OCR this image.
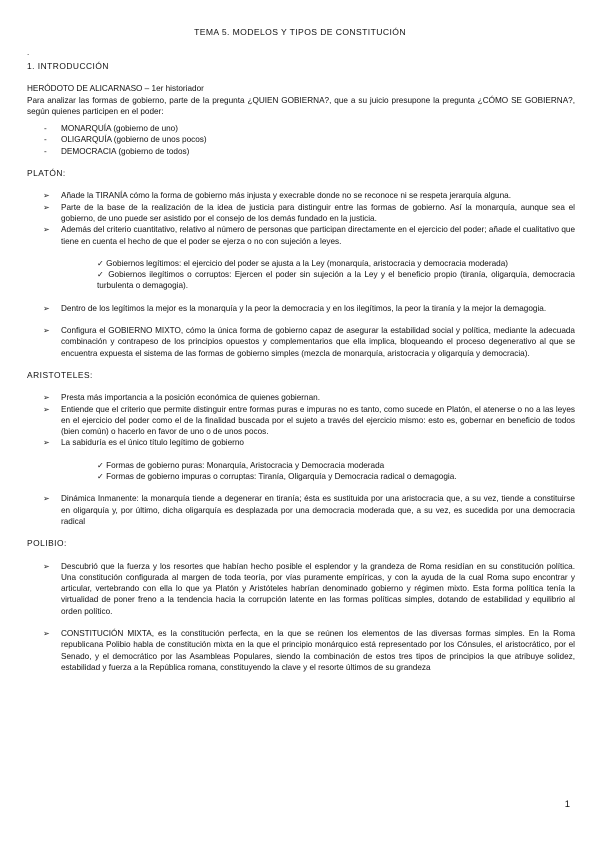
TEMA 5. MODELOS Y TIPOS DE CONSTITUCIÓN
.
1. INTRODUCCIÓN
HERÓDOTO DE ALICARNASO – 1er historiador
Para analizar las formas de gobierno, parte de la pregunta ¿QUIEN GOBIERNA?, que a su juicio presupone la pregunta ¿CÓMO SE GOBIERNA?, según quienes participen en el poder:
- MONARQUÍA (gobierno de uno)
- OLIGARQUÍA (gobierno de unos pocos)
- DEMOCRACIA (gobierno de todos)
PLATÓN:
➢ Añade la TIRANÍA cómo la forma de gobierno más injusta y execrable donde no se reconoce ni se respeta jerarquía alguna.
➢ Parte de la base de la realización de la idea de justicia para distinguir entre las formas de gobierno. Así la monarquía, aunque sea el gobierno, de uno puede ser asistido por el consejo de los demás fundado en la justicia.
➢ Además del criterio cuantitativo, relativo al número de personas que participan directamente en el ejercicio del poder; añade el cualitativo que tiene en cuenta el hecho de que el poder se ejerza o no con sujeción a leyes.
✓ Gobiernos legítimos: el ejercicio del poder se ajusta a la Ley (monarquía, aristocracia y democracia moderada)
✓ Gobiernos ilegítimos o corruptos: Ejercen el poder sin sujeción a la Ley y el beneficio propio (tiranía, oligarquía, democracia turbulenta o demagogia).
➢ Dentro de los legítimos la mejor es la monarquía y la peor la democracia y en los ilegítimos, la peor la tiranía y la mejor la demagogia.
➢ Configura el GOBIERNO MIXTO, cómo la única forma de gobierno capaz de asegurar la estabilidad social y política, mediante la adecuada combinación y contrapeso de los principios opuestos y complementarios que ella implica, bloqueando el proceso degenerativo al que se encuentra expuesta el sistema de las formas de gobierno simples (mezcla de monarquía, aristocracia y oligarquía y democracia).
ARISTOTELES:
➢ Presta más importancia a la posición económica de quienes gobiernan.
➢ Entiende que el criterio que permite distinguir entre formas puras e impuras no es tanto, como sucede en Platón, el atenerse o no a las leyes en el ejercicio del poder como el de la finalidad buscada por el sujeto a través del ejercicio mismo: esto es, gobernar en beneficio de todos (bien común) o hacerlo en favor de uno o de unos pocos.
➢ La sabiduría es el único título legítimo de gobierno
✓ Formas de gobierno puras: Monarquía, Aristocracia y Democracia moderada
✓ Formas de gobierno impuras o corruptas: Tiranía, Oligarquía y Democracia radical o demagogia.
➢ Dinámica Inmanente: la monarquía tiende a degenerar en tiranía; ésta es sustituida por una aristocracia que, a su vez, tiende a constituirse en oligarquía y, por último, dicha oligarquía es desplazada por una democracia moderada que, a su vez, es sucedida por una democracia radical
POLIBIO:
➢ Descubrió que la fuerza y los resortes que habían hecho posible el esplendor y la grandeza de Roma residían en su constitución política. Una constitución configurada al margen de toda teoría, por vías puramente empíricas, y con la ayuda de la cual Roma supo encontrar y articular, vertebrando con ella lo que ya Platón y Aristóteles habrían denominado gobierno y régimen mixto. Esta forma política tenía la virtualidad de poner freno a la tendencia hacia la corrupción latente en las formas políticas simples, dotando de estabilidad y equilibrio al orden político.
➢ CONSTITUCIÓN MIXTA, es la constitución perfecta, en la que se reúnen los elementos de las diversas formas simples. En la Roma republicana Polibio habla de constitución mixta en la que el principio monárquico está representado por los Cónsules, el aristocrático, por el Senado, y el democrático por las Asambleas Populares, siendo la combinación de estos tres tipos de principios la que atribuye solidez, estabilidad y fuerza a la República romana, constituyendo la clave y el resorte últimos de su grandeza
1
